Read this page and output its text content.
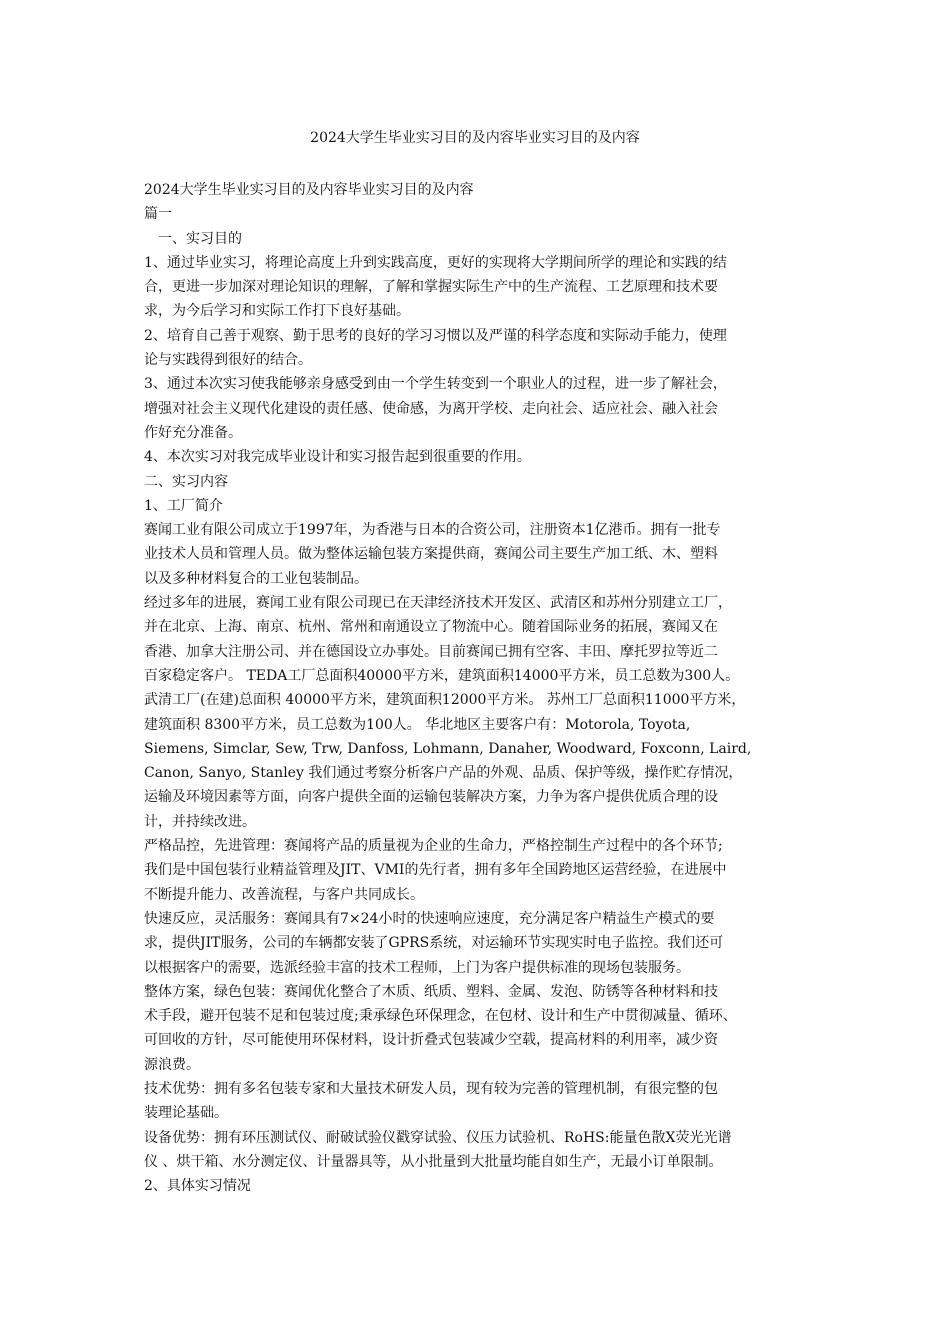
2024大学生毕业实习目的及内容毕业实习目的及内容
2024大学生毕业实习目的及内容毕业实习目的及内容
篇一
一、实习目的
1、通过毕业实习，将理论高度上升到实践高度，更好的实现将大学期间所学的理论和实践的结
合，更进一步加深对理论知识的理解，了解和掌握实际生产中的生产流程、工艺原理和技术要
求，为今后学习和实际工作打下良好基础。
2、培育自己善于观察、勤于思考的良好的学习习惯以及严谨的科学态度和实际动手能力，使理
论与实践得到很好的结合。
3、通过本次实习使我能够亲身感受到由一个学生转变到一个职业人的过程，进一步了解社会，
增强对社会主义现代化建设的责任感、使命感，为离开学校、走向社会、适应社会、融入社会
作好充分准备。
4、本次实习对我完成毕业设计和实习报告起到很重要的作用。
二、实习内容
1、工厂简介
赛闻工业有限公司成立于1997年，为香港与日本的合资公司，注册资本1亿港币。拥有一批专
业技术人员和管理人员。做为整体运输包装方案提供商，赛闻公司主要生产加工纸、木、塑料
以及多种材料复合的工业包装制品。
经过多年的进展，赛闻工业有限公司现已在天津经济技术开发区、武清区和苏州分别建立工厂，
并在北京、上海、南京、杭州、常州和南通设立了物流中心。随着国际业务的拓展，赛闻又在
香港、加拿大注册公司、并在德国设立办事处。目前赛闻已拥有空客、丰田、摩托罗拉等近二
百家稳定客户。 TEDA工厂总面积40000平方米，建筑面积14000平方米，员工总数为300人。
武清工厂(在建)总面积 40000平方米，建筑面积12000平方米。 苏州工厂总面积11000平方米，
建筑面积 8300平方米，员工总数为100人。 华北地区主要客户有：Motorola, Toyota,
Siemens, Simclar, Sew, Trw, Danfoss, Lohmann, Danaher, Woodward, Foxconn, Laird,
Canon, Sanyo, Stanley 我们通过考察分析客户产品的外观、品质、保护等级，操作贮存情况，
运输及环境因素等方面，向客户提供全面的运输包装解决方案，力争为客户提供优质合理的设
计，并持续改进。
严格品控，先进管理：赛闻将产品的质量视为企业的生命力，严格控制生产过程中的各个环节;
我们是中国包装行业精益管理及JIT、VMI的先行者，拥有多年全国跨地区运营经验，在进展中
不断提升能力、改善流程，与客户共同成长。
快速反应，灵活服务：赛闻具有7×24小时的快速响应速度，充分满足客户精益生产模式的要
求，提供JIT服务，公司的车辆都安装了GPRS系统，对运输环节实现实时电子监控。我们还可
以根据客户的需要，选派经验丰富的技术工程师，上门为客户提供标准的现场包装服务。
整体方案，绿色包装：赛闻优化整合了木质、纸质、塑料、金属、发泡、防锈等各种材料和技
术手段，避开包装不足和包装过度;秉承绿色环保理念，在包材、设计和生产中贯彻减量、循环、
可回收的方针，尽可能使用环保材料，设计折叠式包装减少空载，提高材料的利用率，减少资
源浪费。
技术优势：拥有多名包装专家和大量技术研发人员，现有较为完善的管理机制，有很完整的包
装理论基础。
设备优势：拥有环压测试仪、耐破试验仪戳穿试验、仪压力试验机、RoHS:能量色散X荧光光谱
仪 、烘干箱、水分测定仪、计量器具等，从小批量到大批量均能自如生产，无最小订单限制。
2、具体实习情况
